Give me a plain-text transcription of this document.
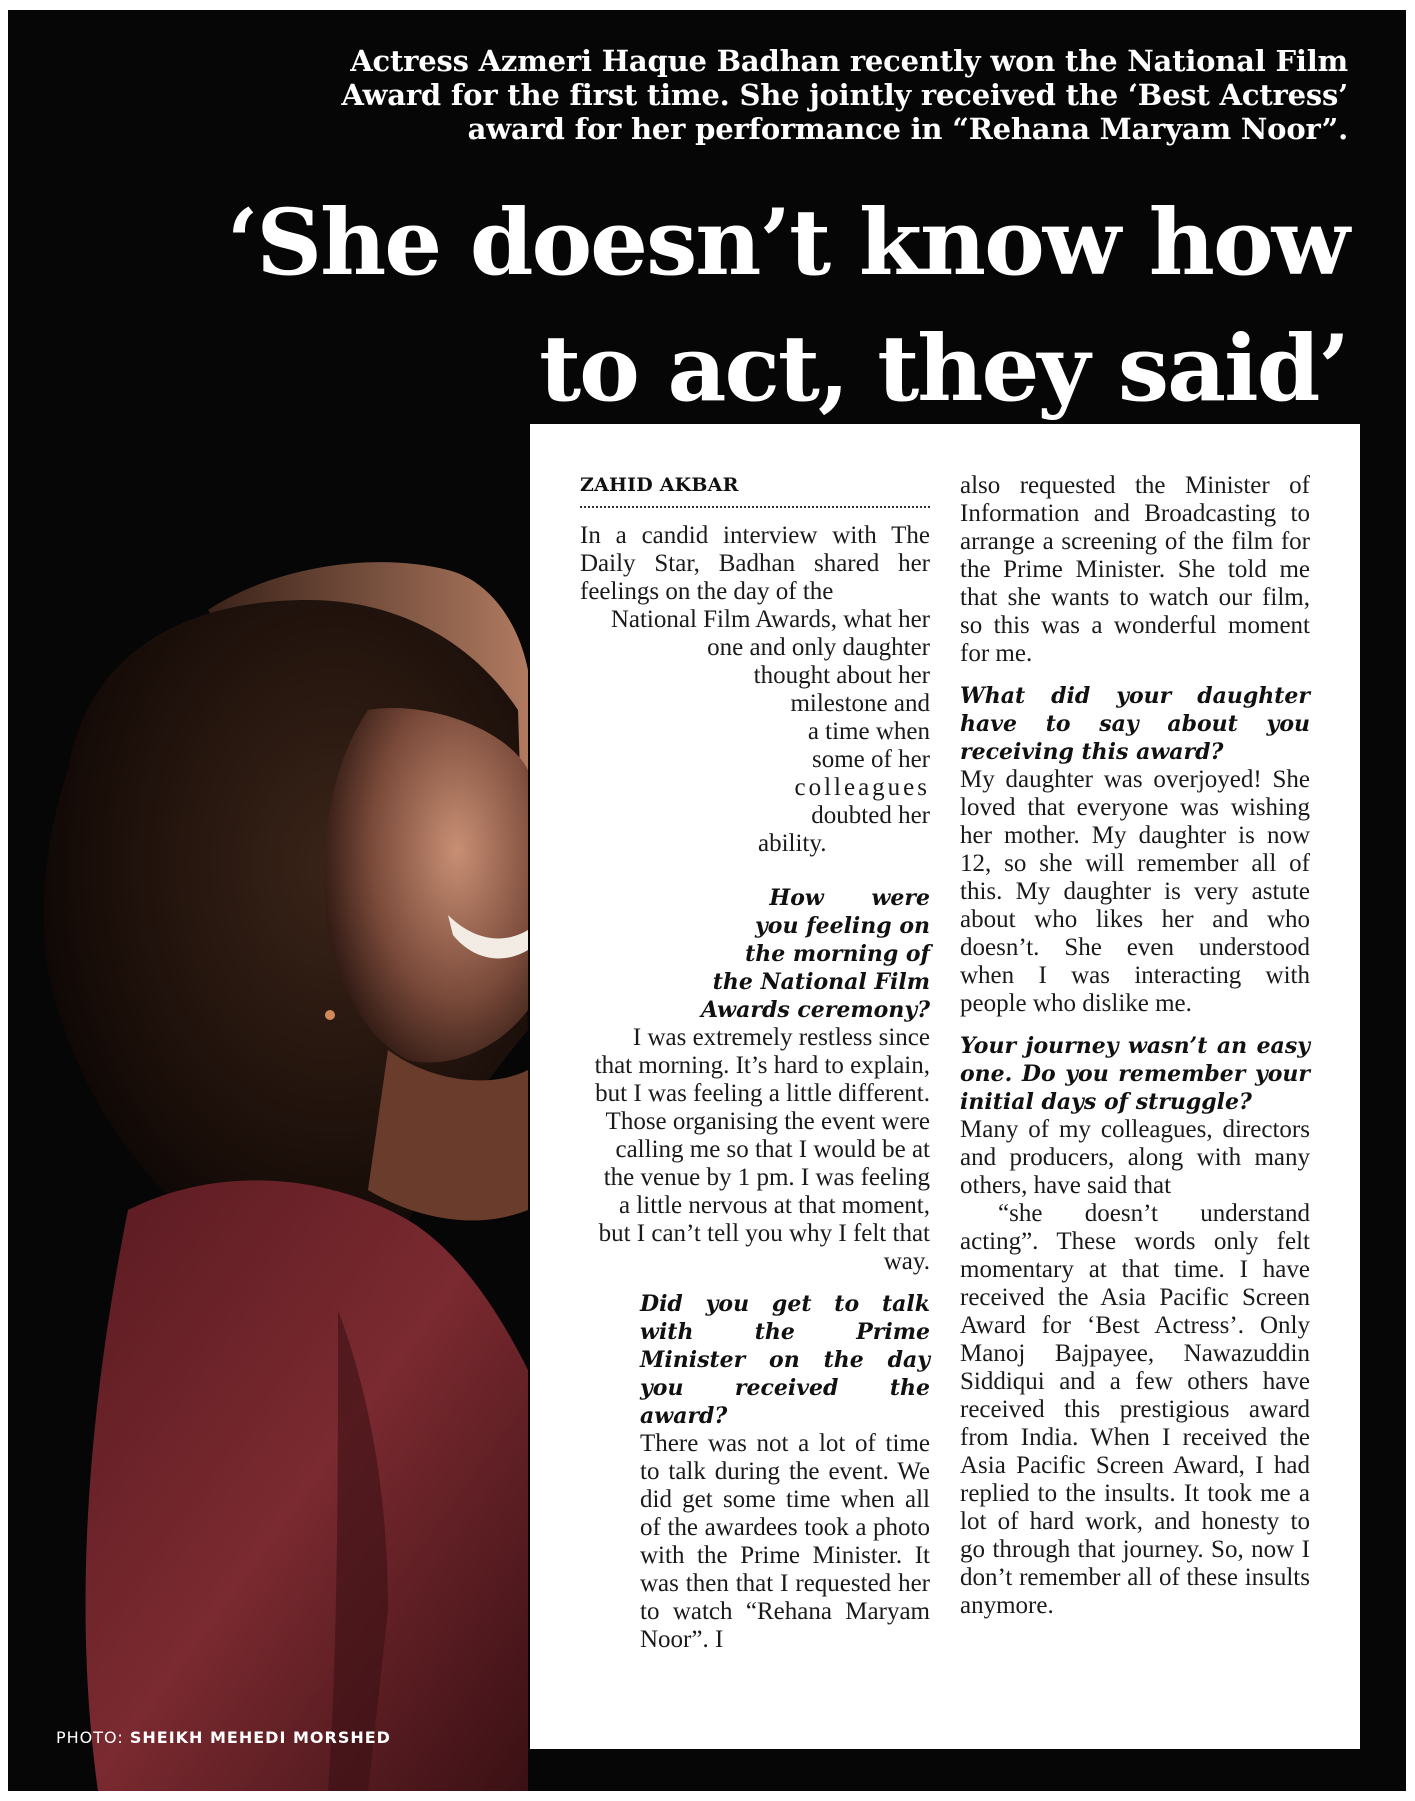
Actress Azmeri Haque Badhan recently won the National Film Award for the first time. She jointly received the ‘Best Actress’ award for her performance in “Rehana Maryam Noor”.
‘She doesn’t know how
to act, they said’
ZAHID AKBAR

In a candid interview with The Daily Star, Badhan shared her feelings on the day of the

National Film Awards, what her

one and only daughter

thought about her

milestone and

a time when

some of her

colleagues

doubted her

ability.

How were

you feeling on

the morning of

the National Film

Awards ceremony?

I was extremely restless since that morning. It’s hard to explain, but I was feeling a little different. Those organising the event were calling me so that I would be at the venue by 1 pm. I was feeling a little nervous at that moment, but I can’t tell you why I felt that way.

Did you get to talk with the Prime Minister on the day you received the award?

There was not a lot of time to talk during the event. We did get some time when all of the awardees took a photo with the Prime Minister. It was then that I requested her to watch “Rehana Maryam Noor”. I

also requested the Minister of Information and Broadcasting to arrange a screening of the film for the Prime Minister. She told me that she wants to watch our film, so this was a wonderful moment for me.

What did your daughter have to say about you receiving this award?

My daughter was overjoyed! She loved that everyone was wishing her mother. My daughter is now 12, so she will remember all of this. My daughter is very astute about who likes her and who doesn’t. She even understood when I was interacting with people who dislike me.

Your journey wasn’t an easy one. Do you remember your initial days of struggle?

Many of my colleagues, directors and producers, along with many others, have said that

“she doesn’t understand acting”. These words only felt momentary at that time. I have received the Asia Pacific Screen Award for ‘Best Actress’. Only Manoj Bajpayee, Nawazuddin Siddiqui and a few others have received this prestigious award from India. When I received the Asia Pacific Screen Award, I had replied to the insults. It took me a lot of hard work, and honesty to go through that journey. So, now I don’t remember all of these insults anymore.

PHOTO: SHEIKH MEHEDI MORSHED
